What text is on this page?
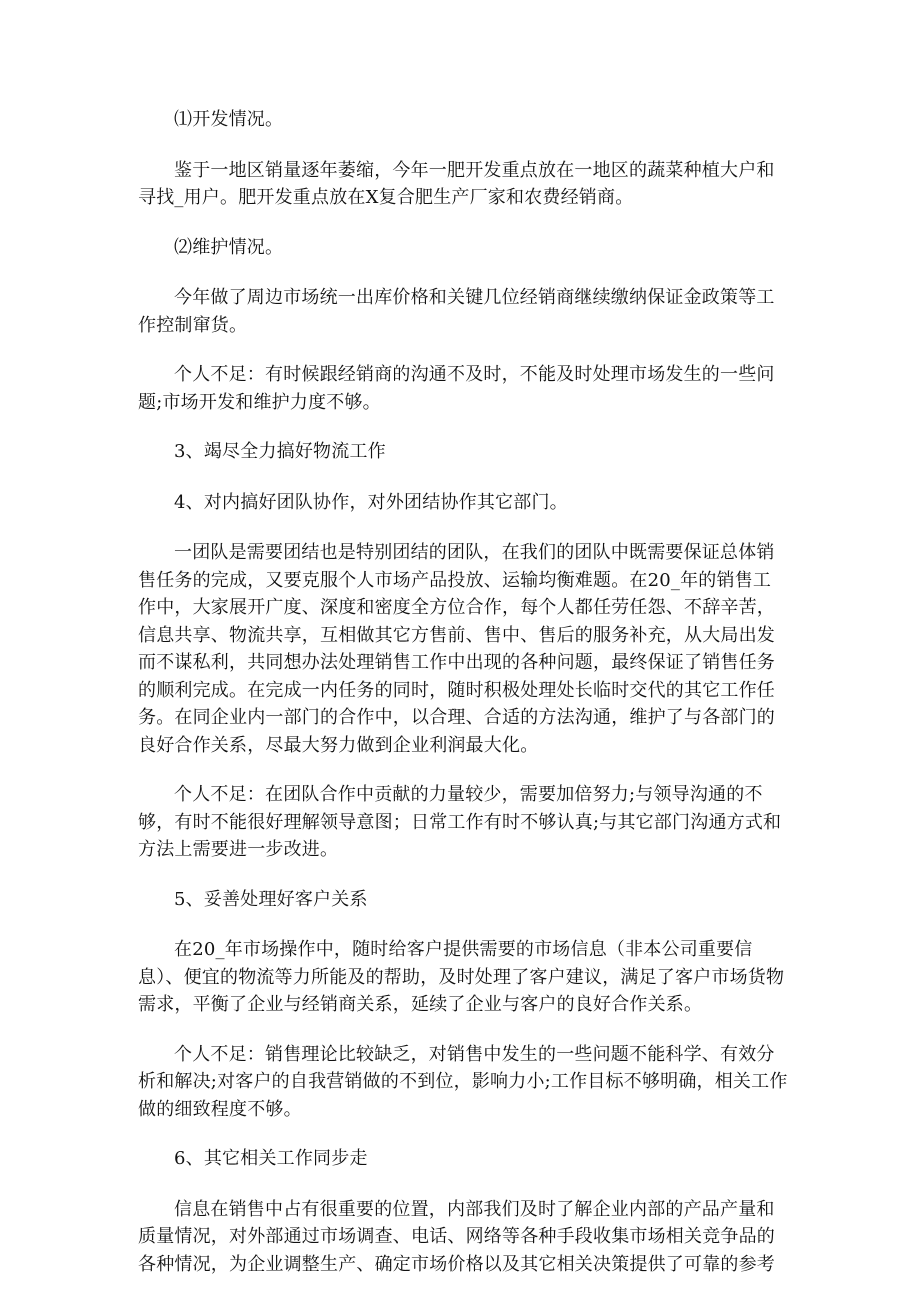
⑴开发情况。

鉴于一地区销量逐年萎缩，今年一肥开发重点放在一地区的蔬菜种植大户和寻找_用户。肥开发重点放在X复合肥生产厂家和农费经销商。

⑵维护情况。

今年做了周边市场统一出库价格和关键几位经销商继续缴纳保证金政策等工作控制窜货。

个人不足：有时候跟经销商的沟通不及时，不能及时处理市场发生的一些问题;市场开发和维护力度不够。

3、竭尽全力搞好物流工作

4、对内搞好团队协作，对外团结协作其它部门。

一团队是需要团结也是特别团结的团队，在我们的团队中既需要保证总体销售任务的完成，又要克服个人市场产品投放、运输均衡难题。在20_年的销售工作中，大家展开广度、深度和密度全方位合作，每个人都任劳任怨、不辞辛苦，信息共享、物流共享，互相做其它方售前、售中、售后的服务补充，从大局出发而不谋私利，共同想办法处理销售工作中出现的各种问题，最终保证了销售任务的顺利完成。在完成一内任务的同时，随时积极处理处长临时交代的其它工作任务。在同企业内一部门的合作中，以合理、合适的方法沟通，维护了与各部门的良好合作关系，尽最大努力做到企业利润最大化。

个人不足：在团队合作中贡献的力量较少，需要加倍努力;与领导沟通的不够，有时不能很好理解领导意图；日常工作有时不够认真;与其它部门沟通方式和方法上需要进一步改进。

5、妥善处理好客户关系

在20_年市场操作中，随时给客户提供需要的市场信息（非本公司重要信息）、便宜的物流等力所能及的帮助，及时处理了客户建议，满足了客户市场货物需求，平衡了企业与经销商关系，延续了企业与客户的良好合作关系。

个人不足：销售理论比较缺乏，对销售中发生的一些问题不能科学、有效分析和解决;对客户的自我营销做的不到位，影响力小;工作目标不够明确，相关工作做的细致程度不够。

6、其它相关工作同步走

信息在销售中占有很重要的位置，内部我们及时了解企业内部的产品产量和质量情况，对外部通过市场调查、电话、网络等各种手段收集市场相关竞争品的各种情况，为企业调整生产、确定市场价格以及其它相关决策提供了可靠的参考
